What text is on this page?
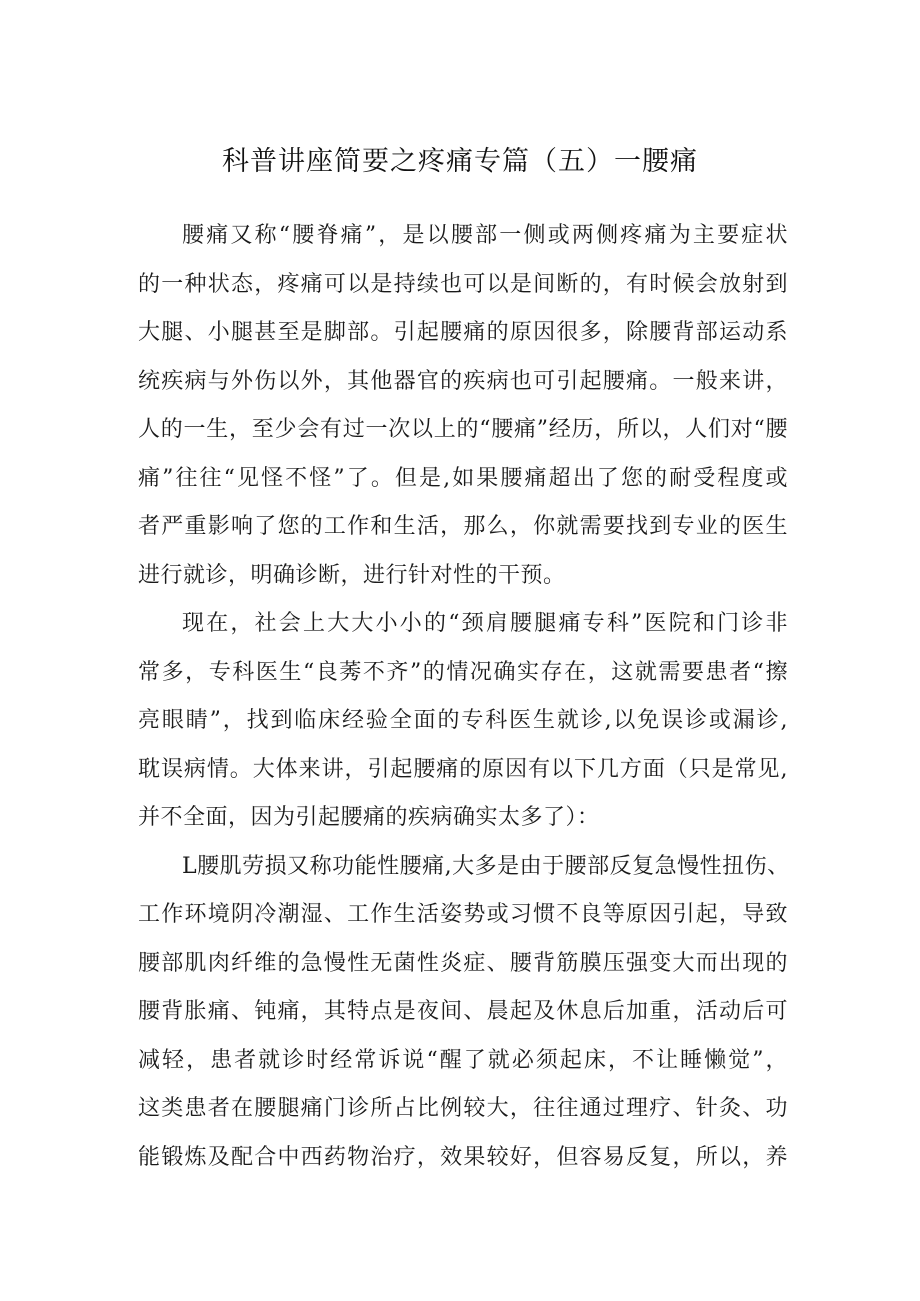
科普讲座简要之疼痛专篇（五）一腰痛
腰痛又称“腰脊痛”，是以腰部一侧或两侧疼痛为主要症状
的一种状态，疼痛可以是持续也可以是间断的，有时候会放射到
大腿、小腿甚至是脚部。引起腰痛的原因很多，除腰背部运动系
统疾病与外伤以外，其他器官的疾病也可引起腰痛。一般来讲，
人的一生，至少会有过一次以上的“腰痛”经历，所以，人们对“腰
痛”往往“见怪不怪”了。但是,如果腰痛超出了您的耐受程度或
者严重影响了您的工作和生活，那么，你就需要找到专业的医生
进行就诊，明确诊断，进行针对性的干预。
现在，社会上大大小小的“颈肩腰腿痛专科”医院和门诊非
常多，专科医生“良莠不齐”的情况确实存在，这就需要患者“擦
亮眼睛”，找到临床经验全面的专科医生就诊,以免误诊或漏诊,
耽误病情。大体来讲，引起腰痛的原因有以下几方面（只是常见,
并不全面，因为引起腰痛的疾病确实太多了）：
L腰肌劳损又称功能性腰痛,大多是由于腰部反复急慢性扭伤、
工作环境阴冷潮湿、工作生活姿势或习惯不良等原因引起，导致
腰部肌肉纤维的急慢性无菌性炎症、腰背筋膜压强变大而出现的
腰背胀痛、钝痛，其特点是夜间、晨起及休息后加重，活动后可
减轻，患者就诊时经常诉说“醒了就必须起床，不让睡懒觉”，
这类患者在腰腿痛门诊所占比例较大，往往通过理疗、针灸、功
能锻炼及配合中西药物治疗，效果较好，但容易反复，所以，养
